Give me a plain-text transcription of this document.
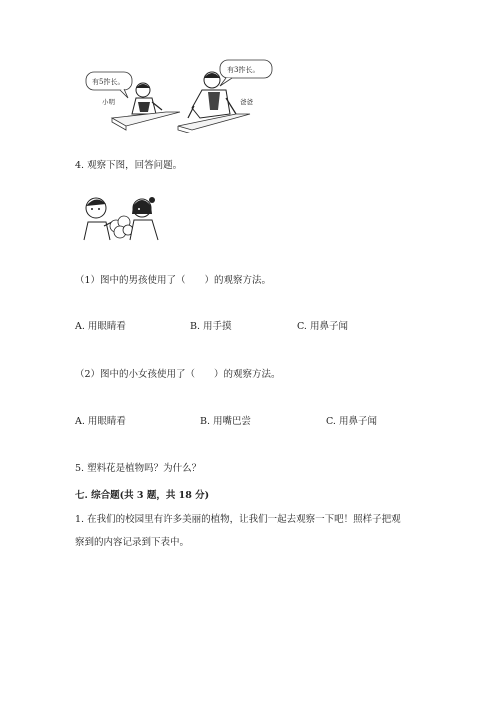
有5拃长。
有3拃长。
小明	爸爸
4. 观察下图，回答问题。
（1）图中的男孩使用了（　　）的观察方法。
A. 用眼睛看	B. 用手摸	C. 用鼻子闻
（2）图中的小女孩使用了（　　）的观察方法。
A. 用眼睛看	B. 用嘴巴尝	C. 用鼻子闻
5. 塑料花是植物吗？为什么？
七. 综合题(共 3 题，共 18 分)
1. 在我们的校园里有许多美丽的植物，让我们一起去观察一下吧！照样子把观
察到的内容记录到下表中。
